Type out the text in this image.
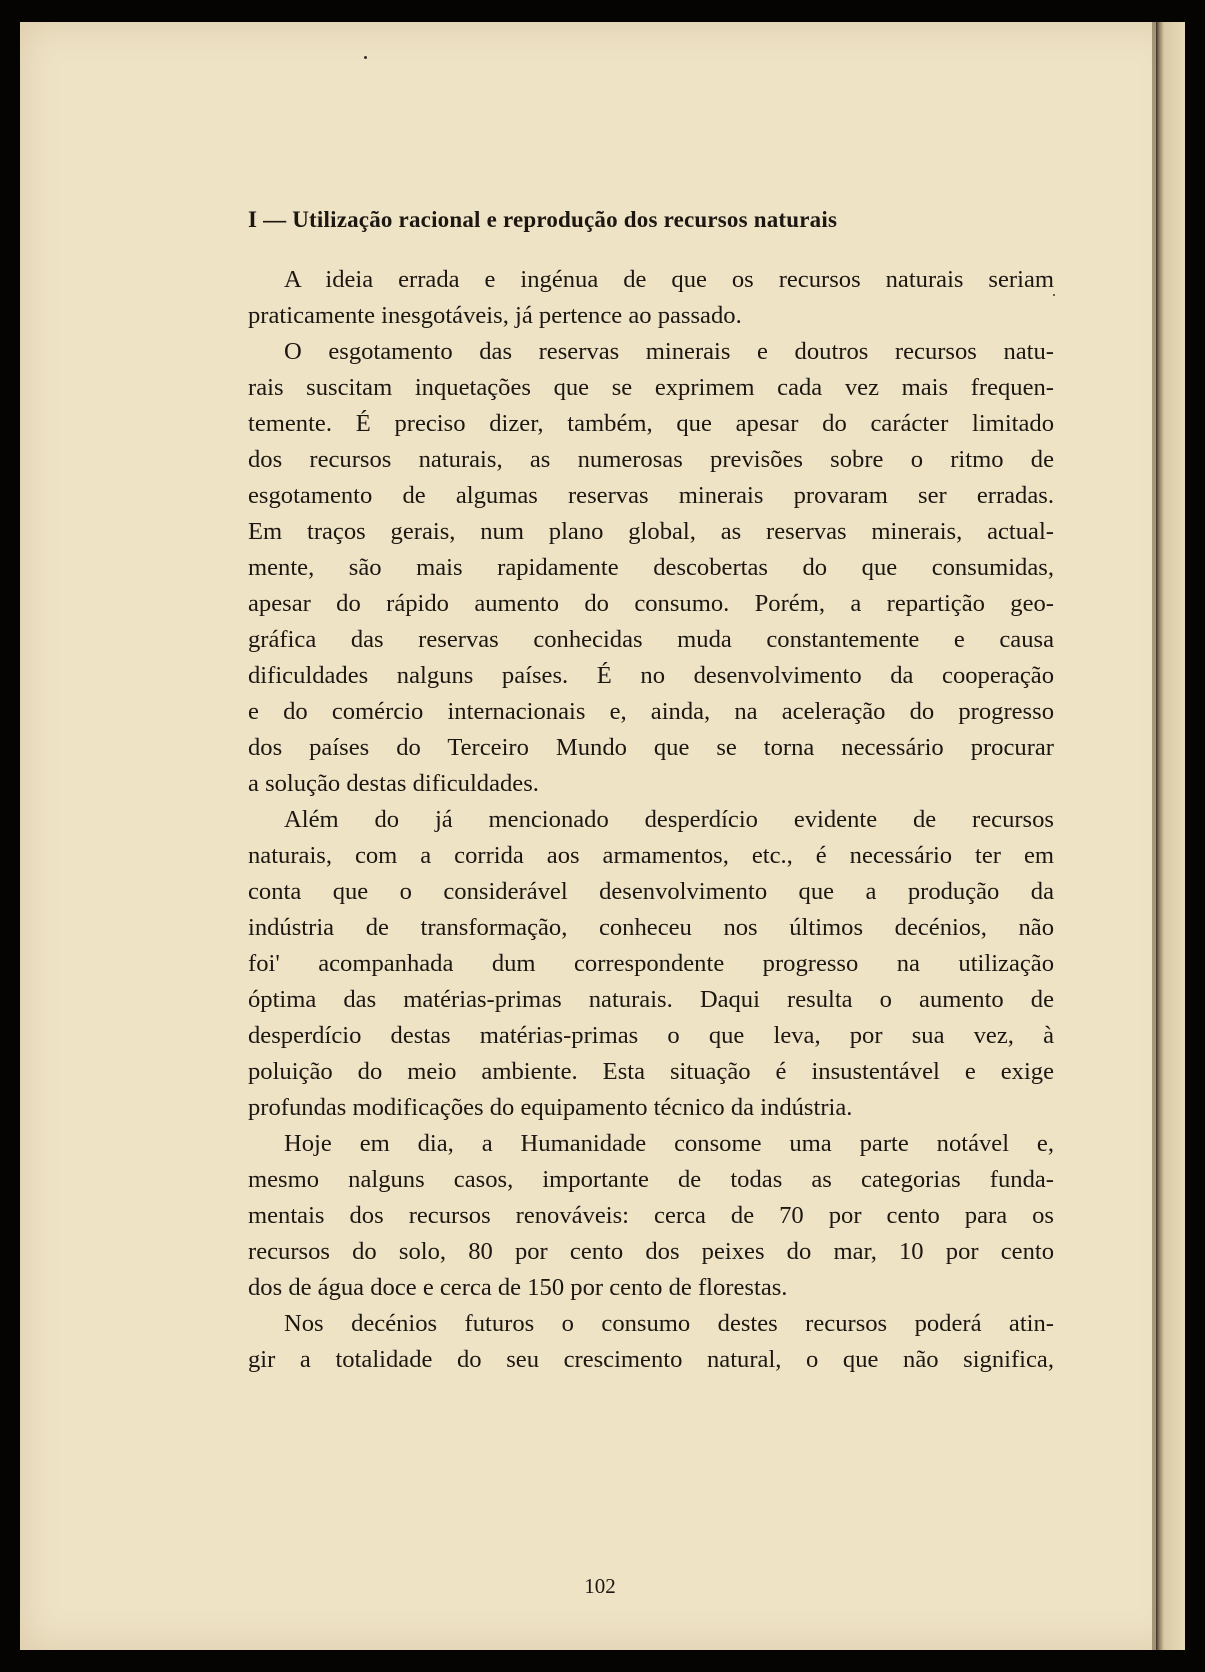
I — Utilização racional e reprodução dos recursos naturais
A ideia errada e ingénua de que os recursos naturais seriam
praticamente inesgotáveis, já pertence ao passado.
O esgotamento das reservas minerais e doutros recursos natu-
rais suscitam inquetações que se exprimem cada vez mais frequen-
temente. É preciso dizer, também, que apesar do carácter limitado
dos recursos naturais, as numerosas previsões sobre o ritmo de
esgotamento de algumas reservas minerais provaram ser erradas.
Em traços gerais, num plano global, as reservas minerais, actual-
mente, são mais rapidamente descobertas do que consumidas,
apesar do rápido aumento do consumo. Porém, a repartição geo-
gráfica das reservas conhecidas muda constantemente e causa
dificuldades nalguns países. É no desenvolvimento da cooperação
e do comércio internacionais e, ainda, na aceleração do progresso
dos países do Terceiro Mundo que se torna necessário procurar
a solução destas dificuldades.
Além do já mencionado desperdício evidente de recursos
naturais, com a corrida aos armamentos, etc., é necessário ter em
conta que o considerável desenvolvimento que a produção da
indústria de transformação, conheceu nos últimos decénios, não
foi' acompanhada dum correspondente progresso na utilização
óptima das matérias-primas naturais. Daqui resulta o aumento de
desperdício destas matérias-primas o que leva, por sua vez, à
poluição do meio ambiente. Esta situação é insustentável e exige
profundas modificações do equipamento técnico da indústria.
Hoje em dia, a Humanidade consome uma parte notável e,
mesmo nalguns casos, importante de todas as categorias funda-
mentais dos recursos renováveis: cerca de 70 por cento para os
recursos do solo, 80 por cento dos peixes do mar, 10 por cento
dos de água doce e cerca de 150 por cento de florestas.
Nos decénios futuros o consumo destes recursos poderá atin-
gir a totalidade do seu crescimento natural, o que não significa,
102
